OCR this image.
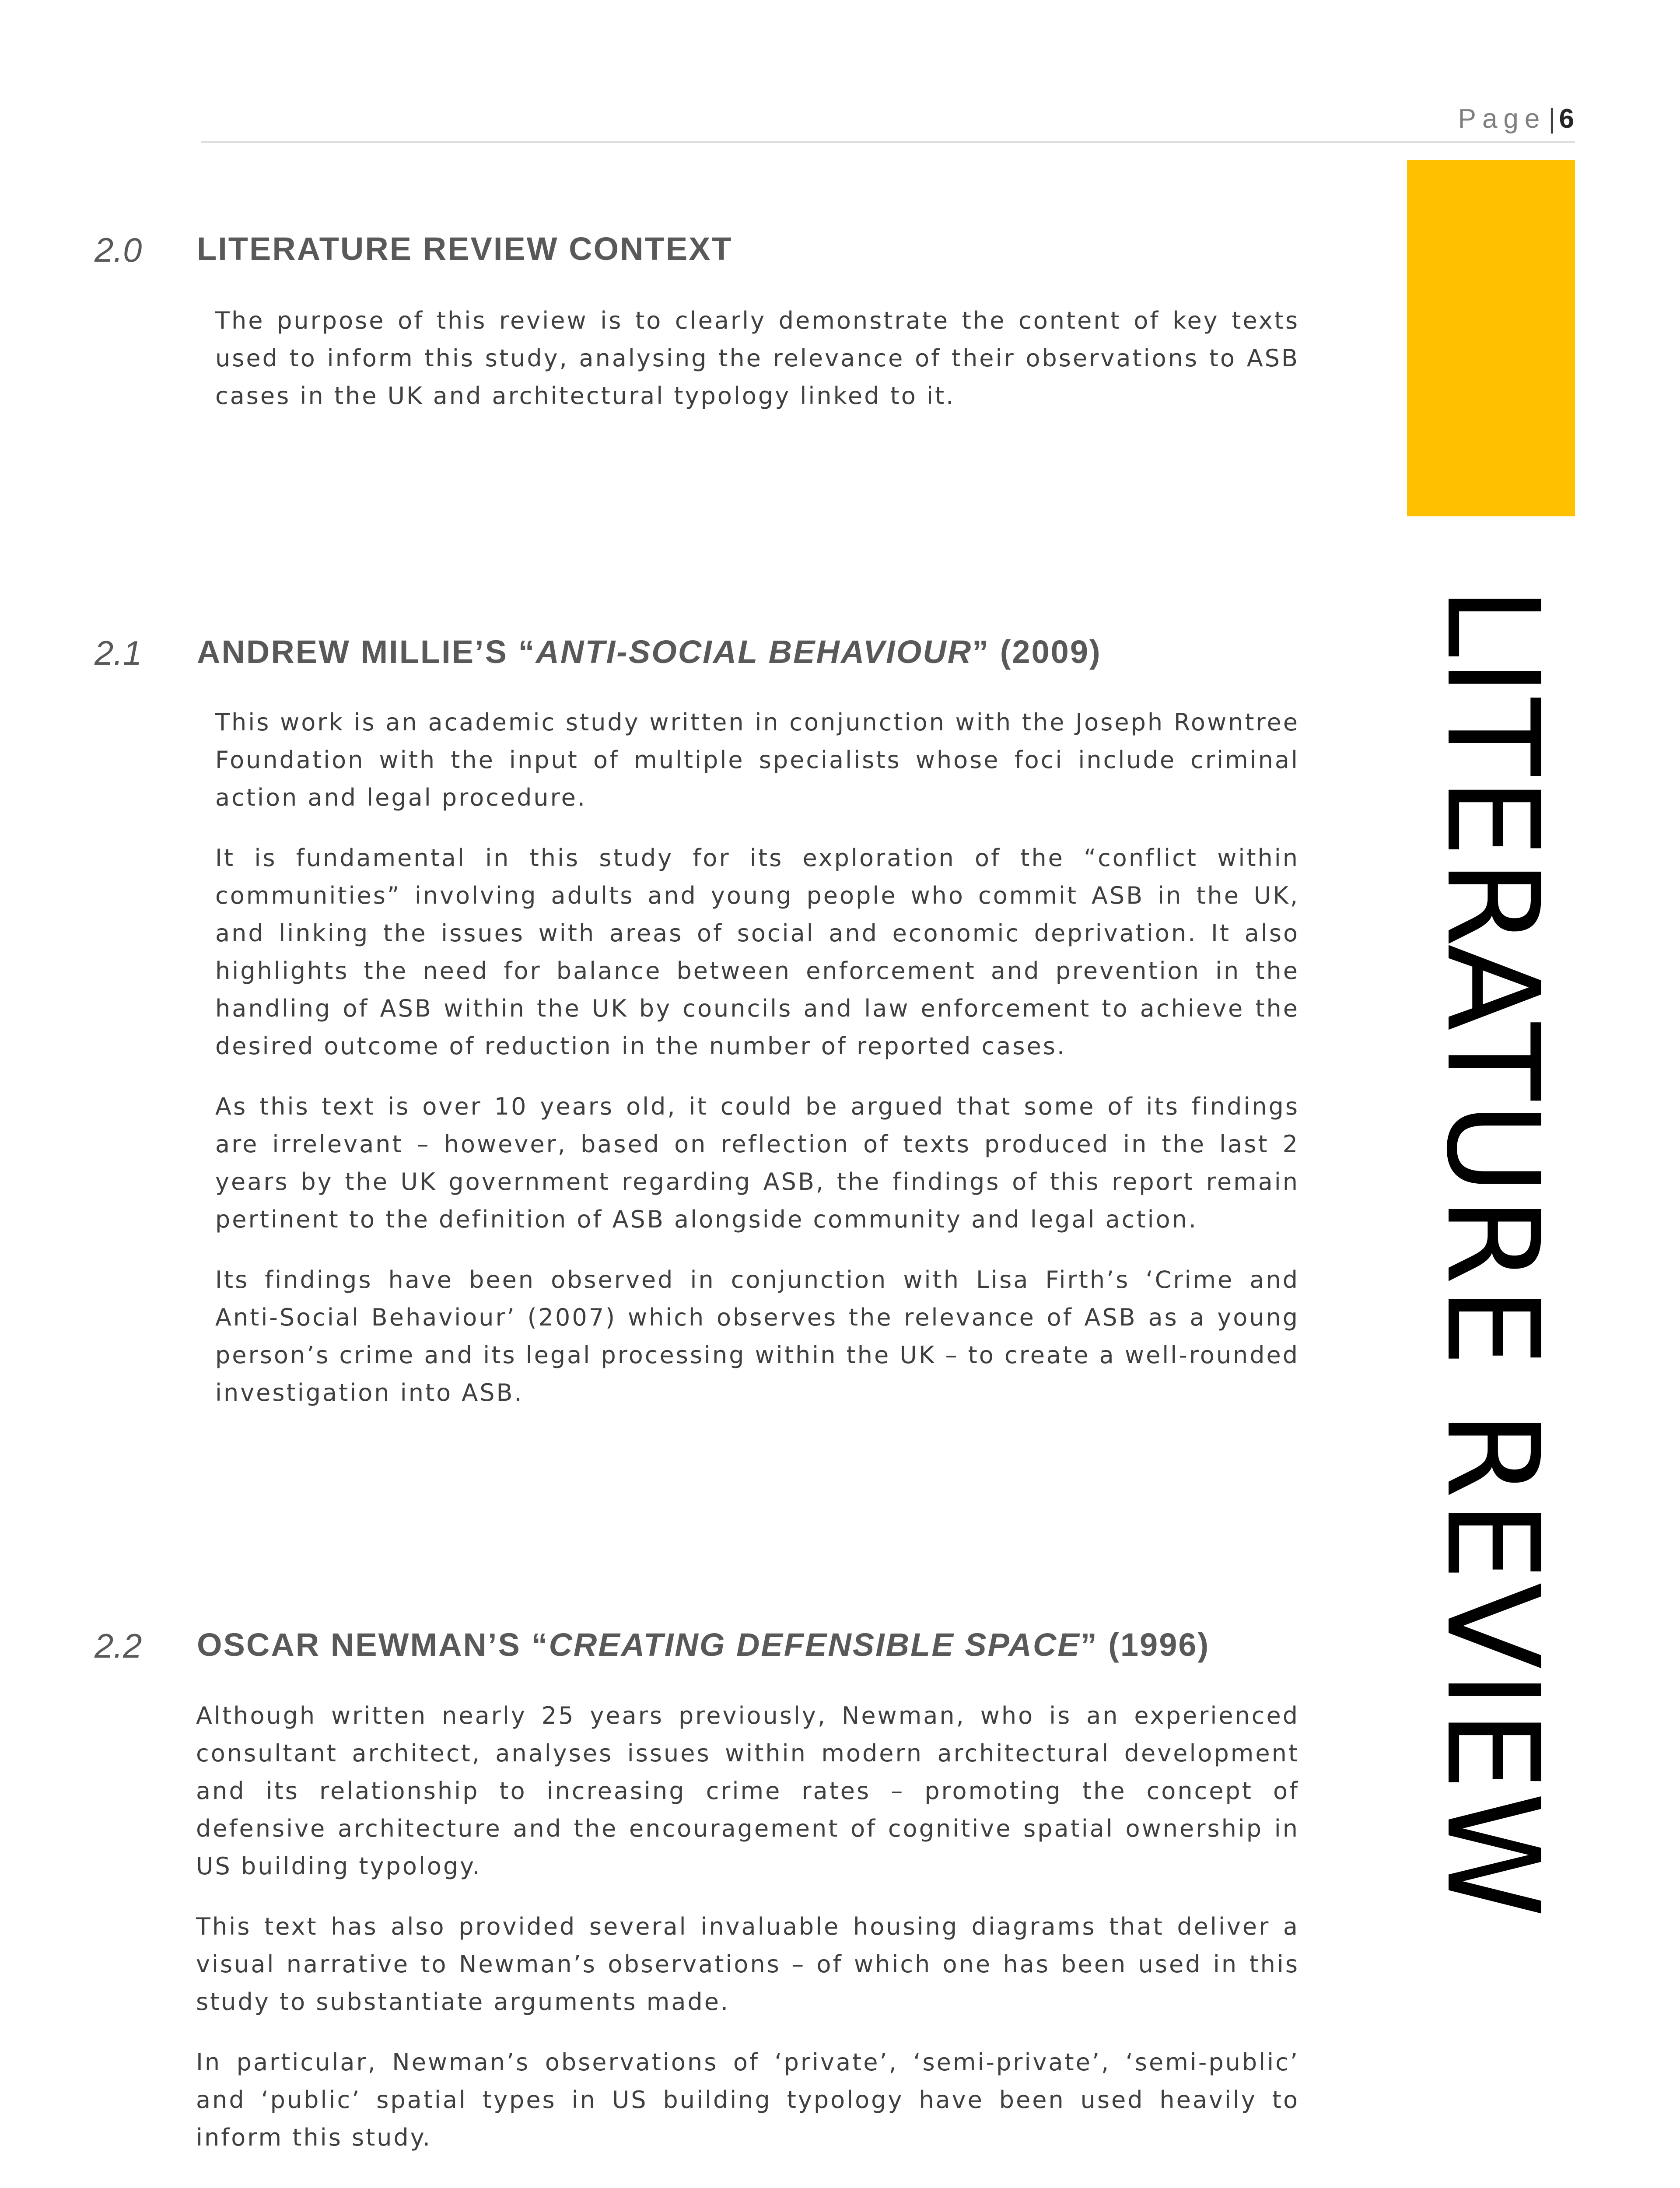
Page| 6
LITERATURE REVIEW
2.0 LITERATURE REVIEW CONTEXT

The purpose of this review is to clearly demonstrate the content of key texts used to inform this study, analysing the relevance of their observations to ASB cases in the UK and architectural typology linked to it.

2.1 ANDREW MILLIE’S “ANTI-SOCIAL BEHAVIOUR” (2009)

This work is an academic study written in conjunction with the Joseph Rowntree Foundation with the input of multiple specialists whose foci include criminal action and legal procedure.

It is fundamental in this study for its exploration of the “conflict within communities” involving adults and young people who commit ASB in the UK, and linking the issues with areas of social and economic deprivation. It also highlights the need for balance between enforcement and prevention in the handling of ASB within the UK by councils and law enforcement to achieve the desired outcome of reduction in the number of reported cases.

As this text is over 10 years old, it could be argued that some of its findings are irrelevant – however, based on reflection of texts produced in the last 2 years by the UK government regarding ASB, the findings of this report remain pertinent to the definition of ASB alongside community and legal action.

Its findings have been observed in conjunction with Lisa Firth’s ‘Crime and Anti-Social Behaviour’ (2007) which observes the relevance of ASB as a young person’s crime and its legal processing within the UK – to create a well-rounded investigation into ASB.

2.2 OSCAR NEWMAN’S “CREATING DEFENSIBLE SPACE” (1996)

Although written nearly 25 years previously, Newman, who is an experienced consultant architect, analyses issues within modern architectural development and its relationship to increasing crime rates – promoting the concept of defensive architecture and the encouragement of cognitive spatial ownership in US building typology.

This text has also provided several invaluable housing diagrams that deliver a visual narrative to Newman’s observations – of which one has been used in this study to substantiate arguments made.

In particular, Newman’s observations of ‘private’, ‘semi-private’, ‘semi-public’ and ‘public’ spatial types in US building typology have been used heavily to inform this study.
